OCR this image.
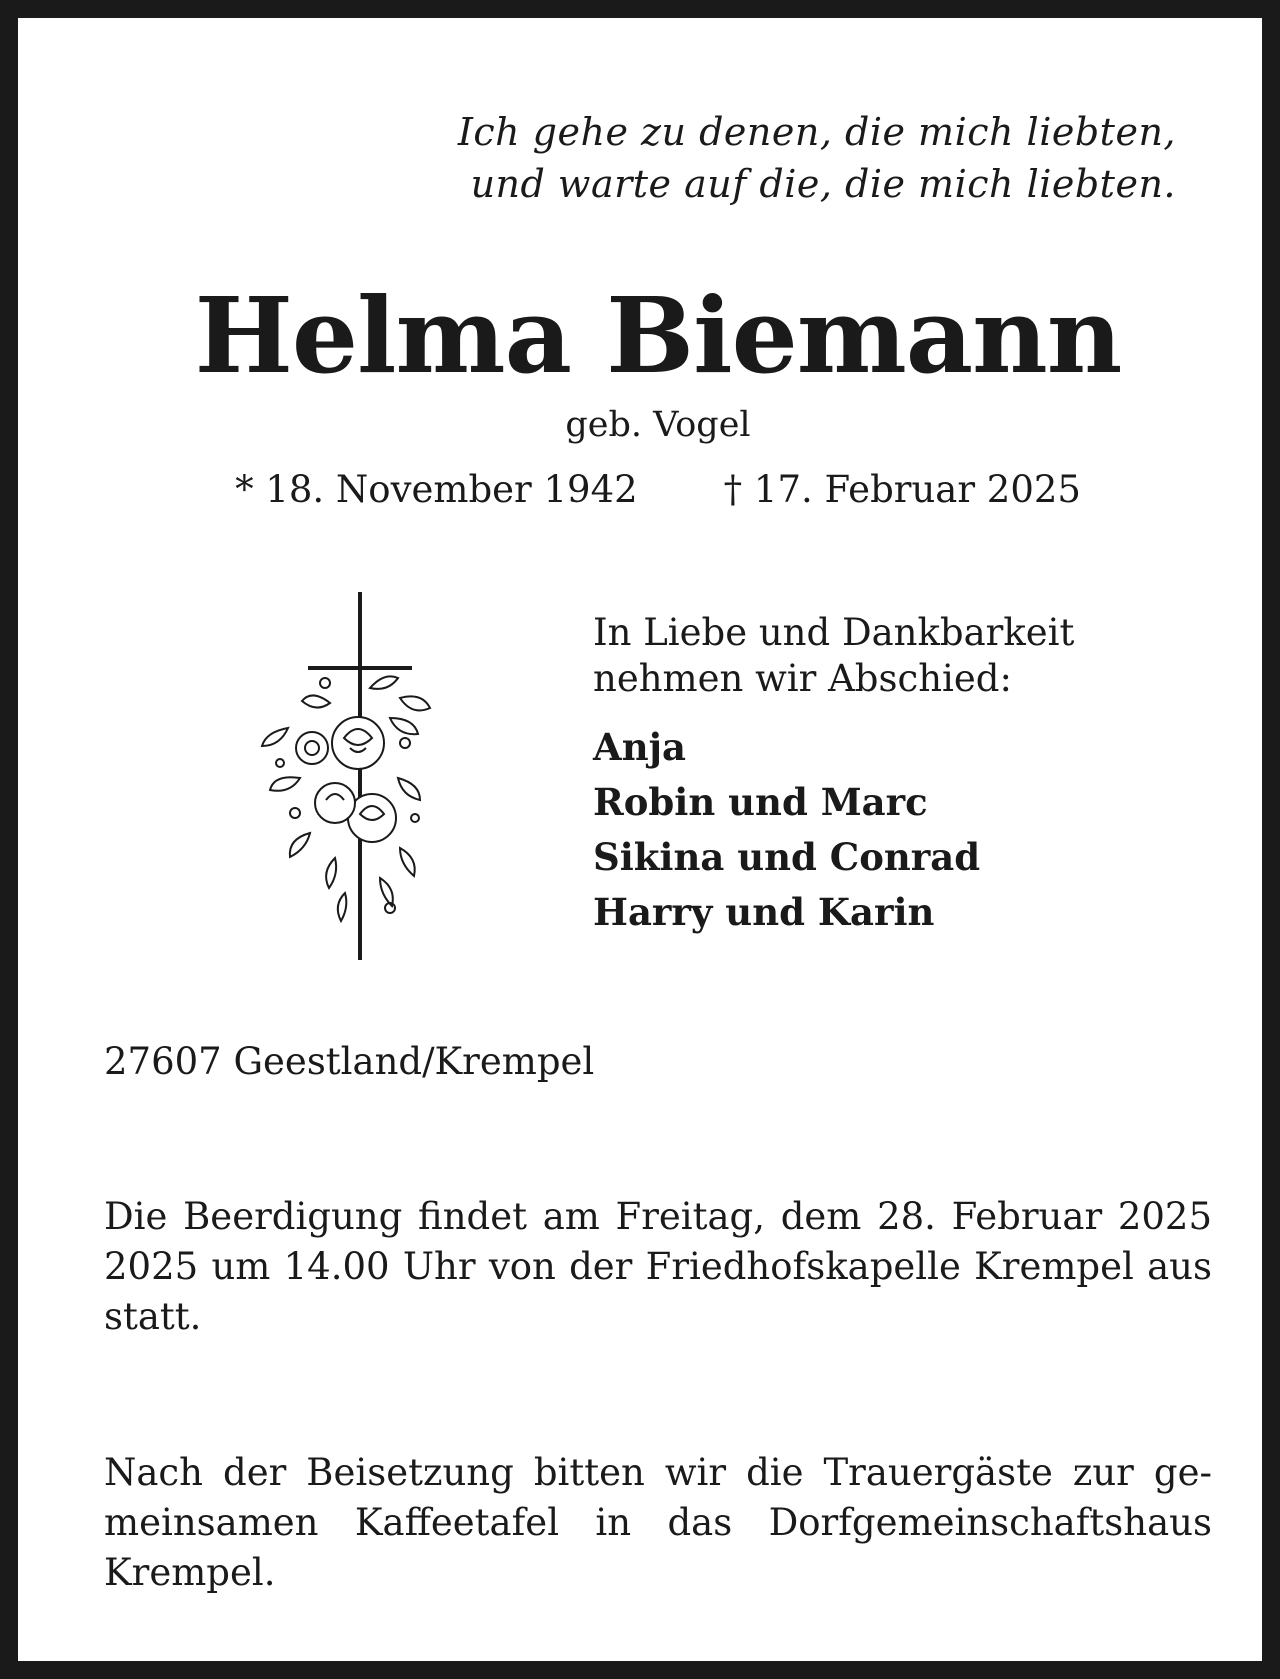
Ich gehe zu denen, die mich liebten,
und warte auf die, die mich liebten.
Helma Biemann
geb. Vogel
* 18. November 1942 † 17. Februar 2025
In Liebe und Dankbarkeit
nehmen wir Abschied:
Anja
Robin und Marc
Sikina und Conrad
Harry und Karin
27607 Geestland/Krempel
Die Beerdigung findet am Freitag, dem 28. Februar 2025 2025 um 14.00 Uhr von der Friedhofskapelle Krempel aus statt.
Nach der Beisetzung bitten wir die Trauergäste zur gemeinsamen Kaffeetafel in das Dorfgemeinschaftshaus Krempel.
